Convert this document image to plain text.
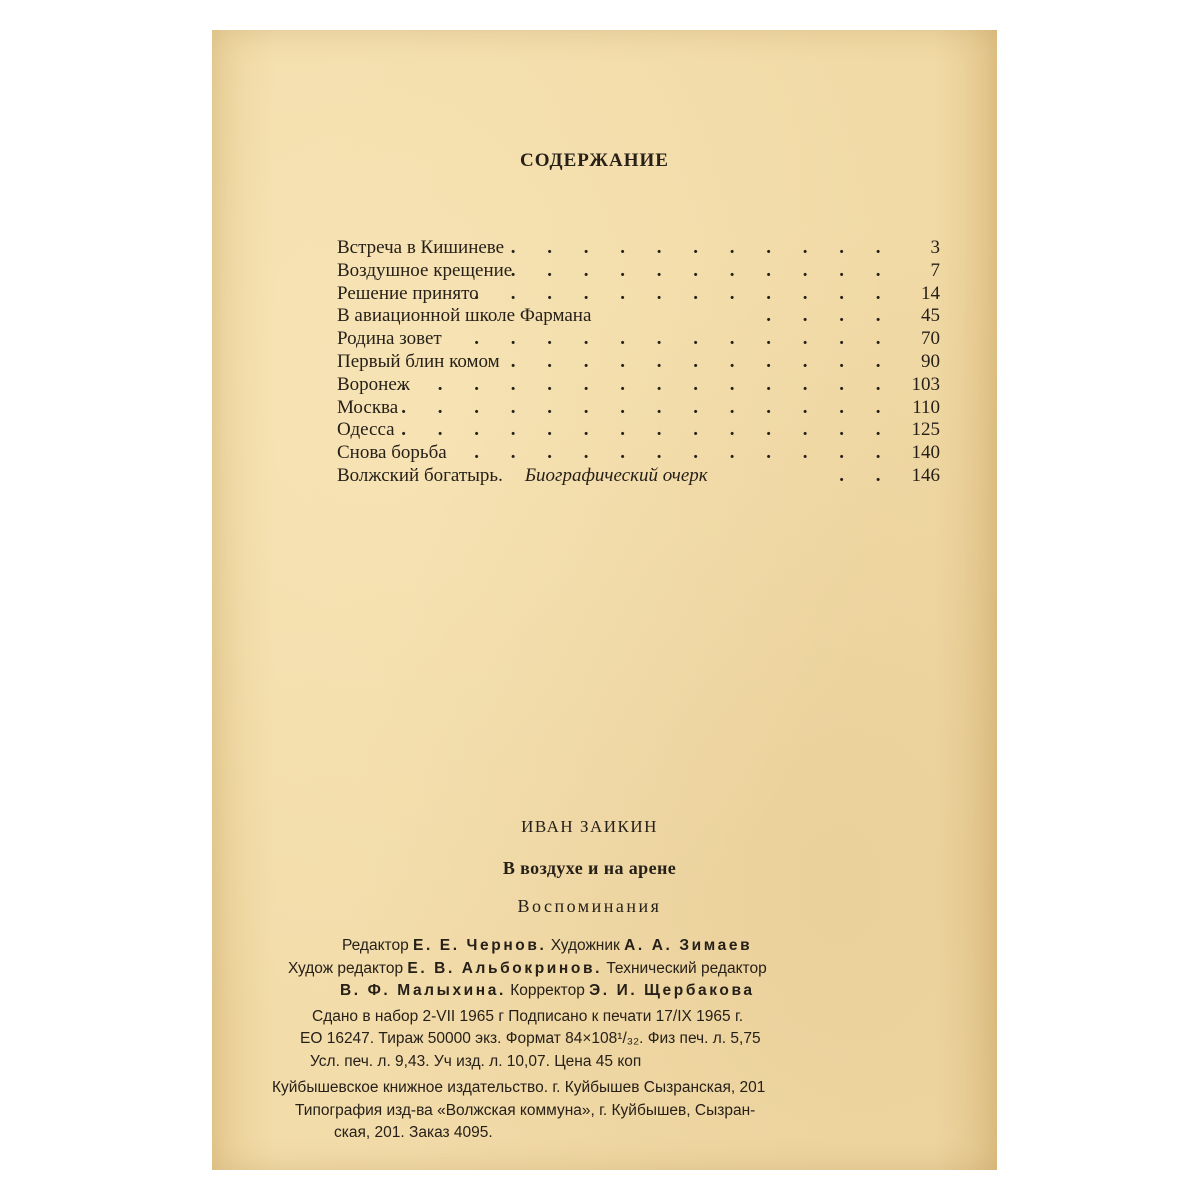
СОДЕРЖАНИЕ
. . . . . . . . . . .
Встреча в Кишиневе	3
. . . . . . . . . . .
Воздушное крещение	7
. . . . . . . . . . . .
Решение принято	14
. . . .
В авиационной школе Фармана	45
. . . . . . . . . . . .
Родина зовет	70
. . . . . . . . . . .
Первый блин комом	90
. . . . . . . . . . . . . .
Воронеж	103
. . . . . . . . . . . . . .
Москва	110
. . . . . . . . . . . . . .
Одесса	125
. . . . . . . . . . . .
Снова борьба	140
. .
Волжский богатырь. Биографический очерк	146
ИВАН ЗАИКИН
В воздухе и на арене
Воспоминания
Редактор Е. Е. Чернов. Художник А. А. Зимаев
Худож редактор Е. В. Альбокринов. Технический редактор
В. Ф. Малыхина. Корректор Э. И. Щербакова
Сдано в набор 2-VII 1965 г Подписано к печати 17/IX 1965 г.
ЕО 16247. Тираж 50000 экз. Формат 84×108¹/₃₂. Физ печ. л. 5,75
Усл. печ. л. 9,43. Уч изд. л. 10,07. Цена 45 коп
Куйбышевское книжное издательство. г. Куйбышев Сызранская, 201
Типография изд-ва «Волжская коммуна», г. Куйбышев, Сызран-
ская, 201. Заказ 4095.
